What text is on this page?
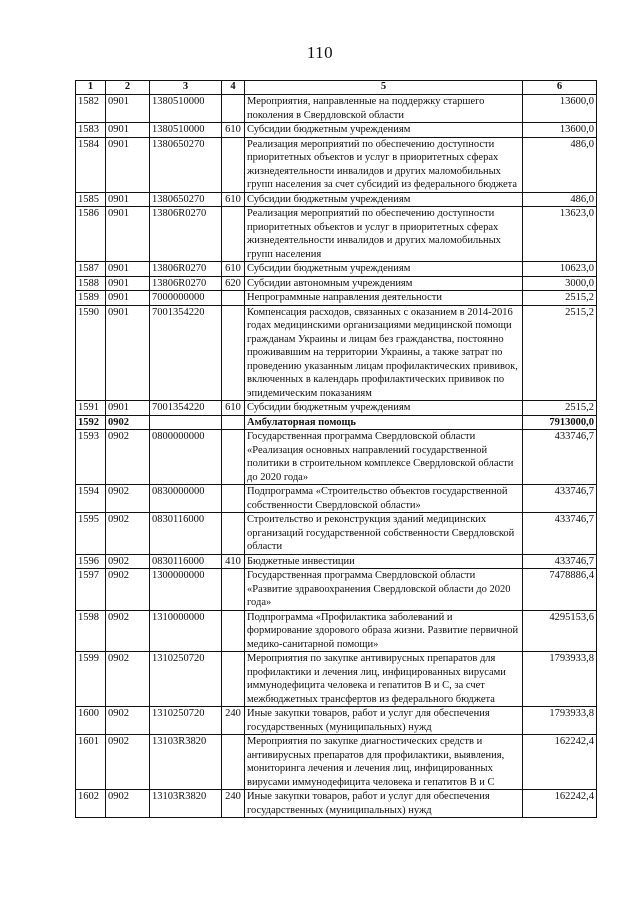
110
1	2	3	4	5	6
1582	0901	1380510000		Мероприятия, направленные на поддержку старшего поколения в Свердловской области	13600,0
1583	0901	1380510000	610	Субсидии бюджетным учреждениям	13600,0
1584	0901	1380650270		Реализация мероприятий по обеспечению доступности приоритетных объектов и услуг в приоритетных сферах жизнедеятельности инвалидов и других маломобильных групп населения за счет субсидий из федерального бюджета	486,0
1585	0901	1380650270	610	Субсидии бюджетным учреждениям	486,0
1586	0901	13806R0270		Реализация мероприятий по обеспечению доступности приоритетных объектов и услуг в приоритетных сферах жизнедеятельности инвалидов и других маломобильных групп населения	13623,0
1587	0901	13806R0270	610	Субсидии бюджетным учреждениям	10623,0
1588	0901	13806R0270	620	Субсидии автономным учреждениям	3000,0
1589	0901	7000000000		Непрограммные направления деятельности	2515,2
1590	0901	7001354220		Компенсация расходов, связанных с оказанием в 2014-2016 годах медицинскими организациями медицинской помощи гражданам Украины и лицам без гражданства, постоянно проживавшим на территории Украины, а также затрат по проведению указанным лицам профилактических прививок, включенных в календарь профилактических прививок по эпидемическим показаниям	2515,2
1591	0901	7001354220	610	Субсидии бюджетным учреждениям	2515,2
1592	0902			Амбулаторная помощь	7913000,0
1593	0902	0800000000		Государственная программа Свердловской области «Реализация основных направлений государственной политики в строительном комплексе Свердловской области до 2020 года»	433746,7
1594	0902	0830000000		Подпрограмма «Строительство объектов государственной собственности Свердловской области»	433746,7
1595	0902	0830116000		Строительство и реконструкция зданий медицинских организаций государственной собственности Свердловской области	433746,7
1596	0902	0830116000	410	Бюджетные инвестиции	433746,7
1597	0902	1300000000		Государственная программа Свердловской области «Развитие здравоохранения Свердловской области до 2020 года»	7478886,4
1598	0902	1310000000		Подпрограмма «Профилактика заболеваний и формирование здорового образа жизни. Развитие первичной медико-санитарной помощи»	4295153,6
1599	0902	1310250720		Мероприятия по закупке антивирусных препаратов для профилактики и лечения лиц, инфицированных вирусами иммунодефицита человека и гепатитов В и С, за счет межбюджетных трансфертов из федерального бюджета	1793933,8
1600	0902	1310250720	240	Иные закупки товаров, работ и услуг для обеспечения государственных (муниципальных) нужд	1793933,8
1601	0902	13103R3820		Мероприятия по закупке диагностических средств и антивирусных препаратов для профилактики, выявления, мониторинга лечения и лечения лиц, инфицированных вирусами иммунодефицита человека и гепатитов В и С	162242,4
1602	0902	13103R3820	240	Иные закупки товаров, работ и услуг для обеспечения государственных (муниципальных) нужд	162242,4
